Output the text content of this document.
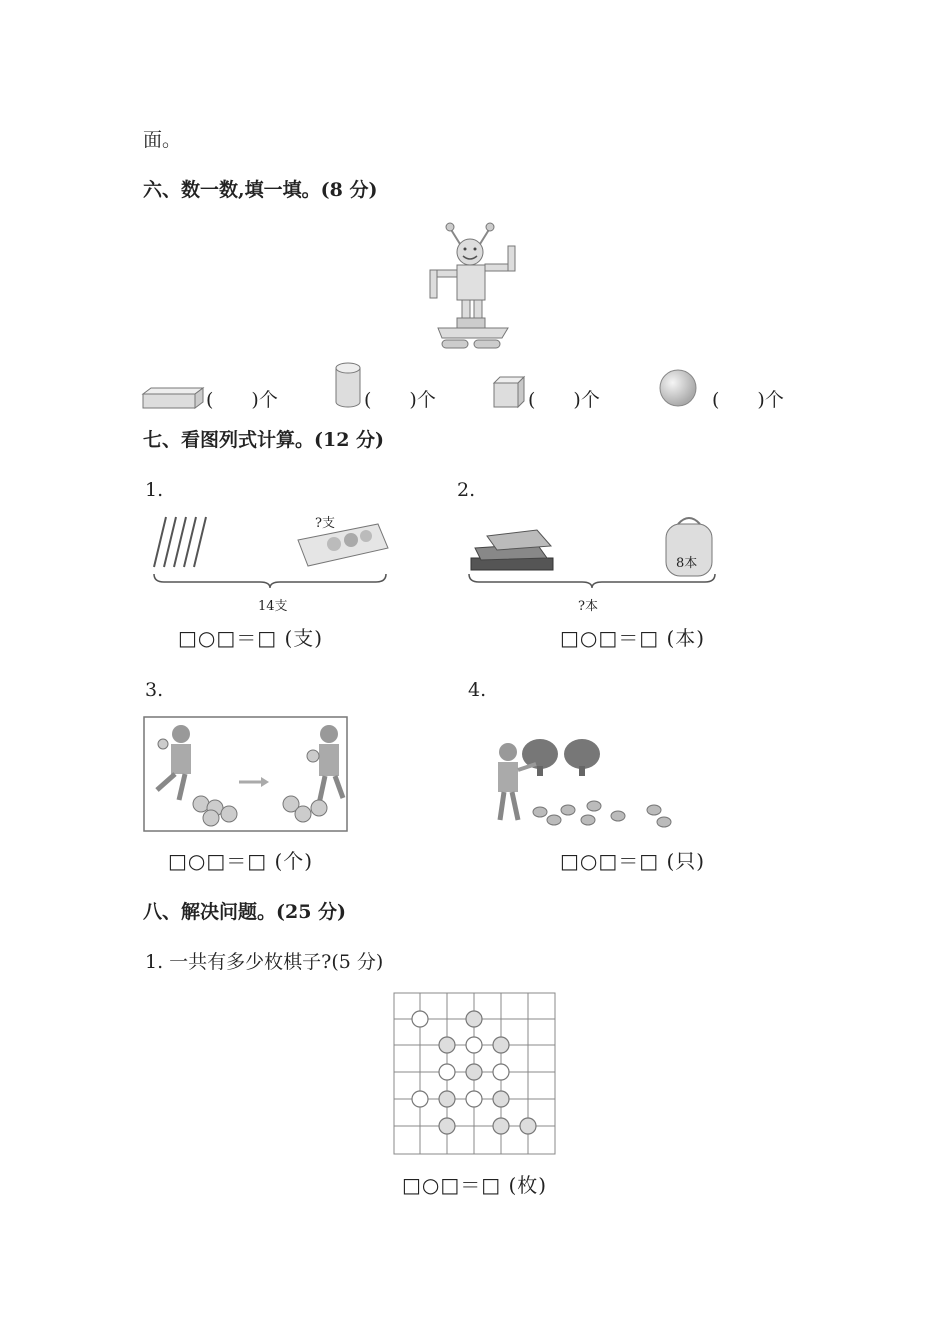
面。
六、数一数,填一填。(8 分)
(　　)个	(　　)个	(　　)个	(　　)个
七、看图列式计算。(12 分)
1.
?支
14支
□○□＝□ (支)
2.
8本
?本
□○□＝□ (本)
3.
□○□＝□ (个)
4.
□○□＝□ (只)
八、解决问题。(25 分)
1. 一共有多少枚棋子?(5 分)
□○□＝□ (枚)
